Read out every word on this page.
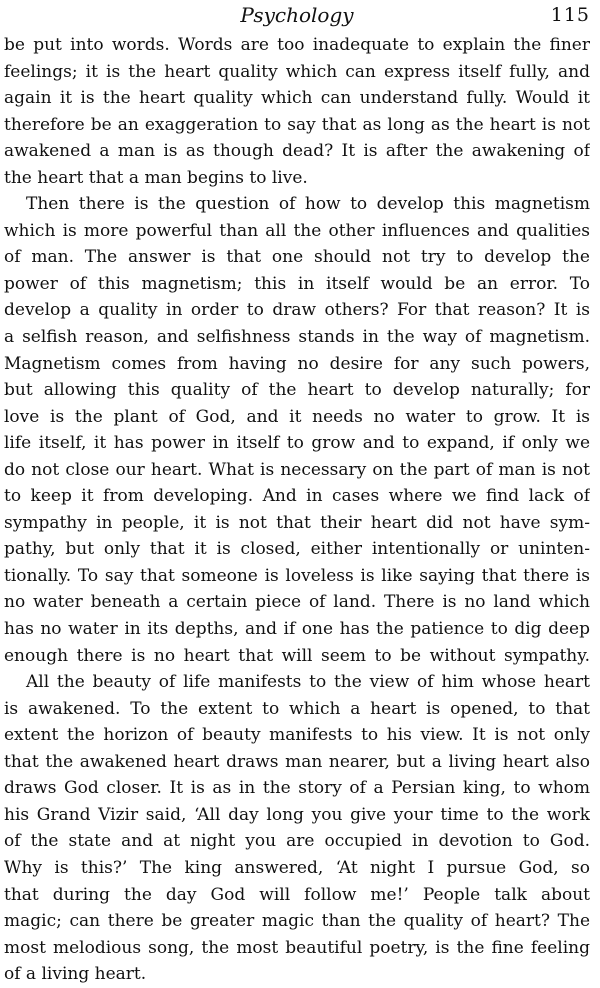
Psychology	115
be put into words. Words are too inadequate to explain the finer
feelings; it is the heart quality which can express itself fully, and
again it is the heart quality which can understand fully. Would it
therefore be an exaggeration to say that as long as the heart is not
awakened a man is as though dead? It is after the awakening of
the heart that a man begins to live.
Then there is the question of how to develop this magnetism
which is more powerful than all the other influences and qualities
of man. The answer is that one should not try to develop the
power of this magnetism; this in itself would be an error. To
develop a quality in order to draw others? For that reason? It is
a selfish reason, and selfishness stands in the way of magnetism.
Magnetism comes from having no desire for any such powers,
but allowing this quality of the heart to develop naturally; for
love is the plant of God, and it needs no water to grow. It is
life itself, it has power in itself to grow and to expand, if only we
do not close our heart. What is necessary on the part of man is not
to keep it from developing. And in cases where we find lack of
sympathy in people, it is not that their heart did not have sym-
pathy, but only that it is closed, either intentionally or uninten-
tionally. To say that someone is loveless is like saying that there is
no water beneath a certain piece of land. There is no land which
has no water in its depths, and if one has the patience to dig deep
enough there is no heart that will seem to be without sympathy.
All the beauty of life manifests to the view of him whose heart
is awakened. To the extent to which a heart is opened, to that
extent the horizon of beauty manifests to his view. It is not only
that the awakened heart draws man nearer, but a living heart also
draws God closer. It is as in the story of a Persian king, to whom
his Grand Vizir said, ‘All day long you give your time to the work
of the state and at night you are occupied in devotion to God.
Why is this?’ The king answered, ‘At night I pursue God, so
that during the day God will follow me!’ People talk about
magic; can there be greater magic than the quality of heart? The
most melodious song, the most beautiful poetry, is the fine feeling
of a living heart.
